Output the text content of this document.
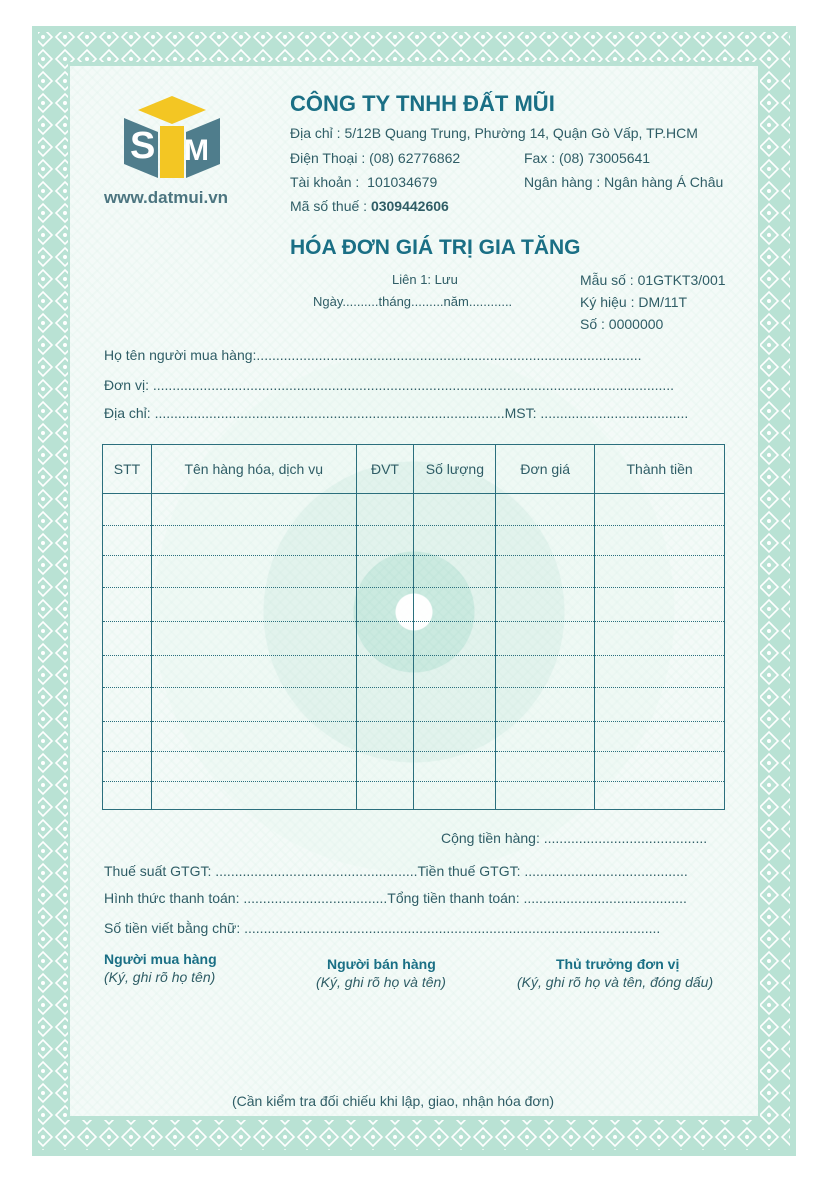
S M
www.datmui.vn
CÔNG TY TNHH ĐẤT MŨI
Địa chỉ : 5/12B Quang Trung, Phường 14, Quận Gò Vấp, TP.HCM
Điện Thoại : (08) 62776862	Fax : (08) 73005641
Tài khoản : 101034679	Ngân hàng : Ngân hàng Á Châu
Mã số thuế : 0309442606
HÓA ĐƠN GIÁ TRỊ GIA TĂNG
Liên 1: Lưu
Ngày..........tháng.........năm............
Mẫu số : 01GTKT3/001
Ký hiệu : DM/11T
Số : 0000000
Họ tên người mua hàng:...................................................................................................
Đơn vị: ......................................................................................................................................
Địa chỉ: ..........................................................................................MST: ......................................
STT	Tên hàng hóa, dịch vụ	ĐVT	Số lượng	Đơn giá	Thành tiền

Cộng tiền hàng: ..........................................
Thuế suất GTGT: ....................................................Tiền thuế GTGT: ..........................................
Hình thức thanh toán: .....................................Tổng tiền thanh toán: ..........................................
Số tiền viết bằng chữ: ...........................................................................................................
Người mua hàng
(Ký, ghi rõ họ tên)
Người bán hàng
(Ký, ghi rõ họ và tên)
Thủ trưởng đơn vị
(Ký, ghi rõ họ và tên, đóng dấu)
(Cần kiểm tra đối chiếu khi lập, giao, nhận hóa đơn)
